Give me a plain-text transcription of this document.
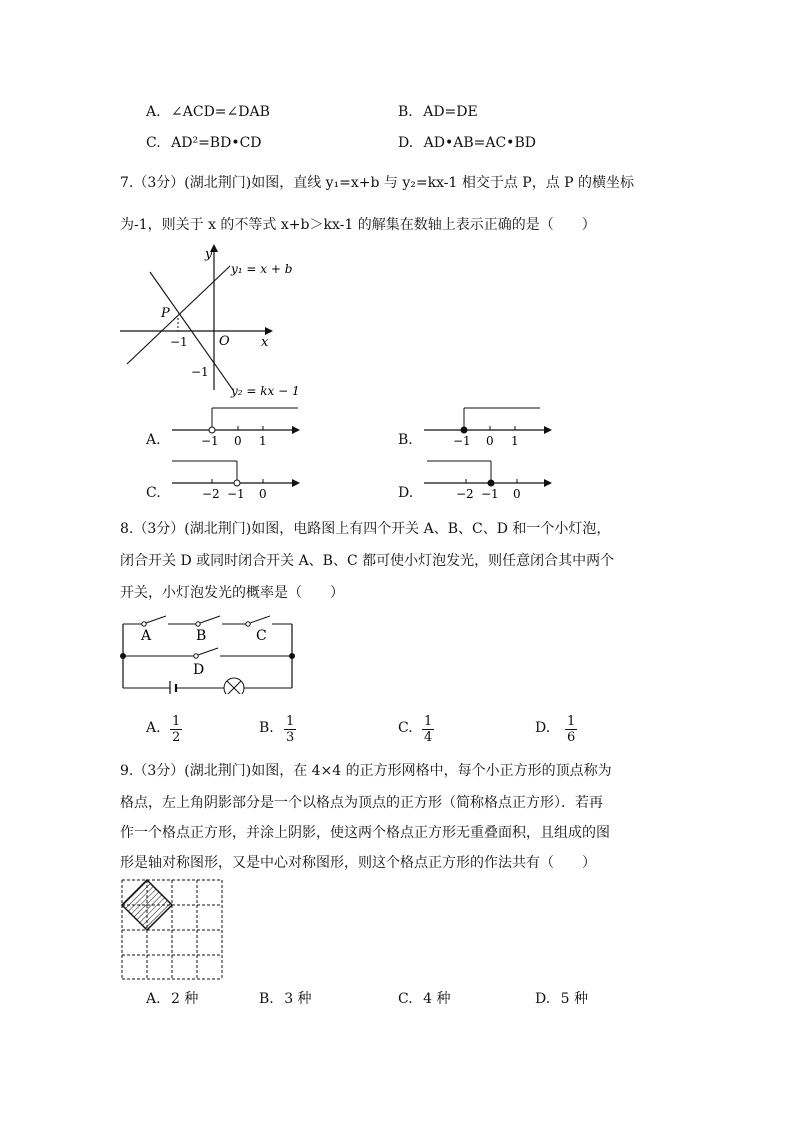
A. ∠ACD=∠DAB	B. AD=DE
C. AD²=BD•CD	D. AD•AB=AC•BD
7.（3分）(湖北荆门)如图，直线 y₁=x+b 与 y₂=kx-1 相交于点 P，点 P 的横坐标
为-1，则关于 x 的不等式 x+b＞kx-1 的解集在数轴上表示正确的是（　　）
y
x
O
P
−1
−1
y₁ = x + b
y₂ = kx − 1
A.	−1 0 1	B.	−1 0 1
C.	−2 −1 0	D.	−2 −1 0
8.（3分）(湖北荆门)如图，电路图上有四个开关 A、B、C、D 和一个小灯泡，
闭合开关 D 或同时闭合开关 A、B、C 都可使小灯泡发光，则任意闭合其中两个
开关，小灯泡发光的概率是（　　）
A	B	C
D
A. $\frac{1}{2}$	B. $\frac{1}{3}$	C. $\frac{1}{4}$	D. $\frac{1}{6}$
9.（3分）(湖北荆门)如图，在 4×4 的正方形网格中，每个小正方形的顶点称为
格点，左上角阴影部分是一个以格点为顶点的正方形（简称格点正方形）．若再
作一个格点正方形，并涂上阴影，使这两个格点正方形无重叠面积，且组成的图
形是轴对称图形，又是中心对称图形，则这个格点正方形的作法共有（　　）
A. 2 种	B. 3 种	C. 4 种	D. 5 种
